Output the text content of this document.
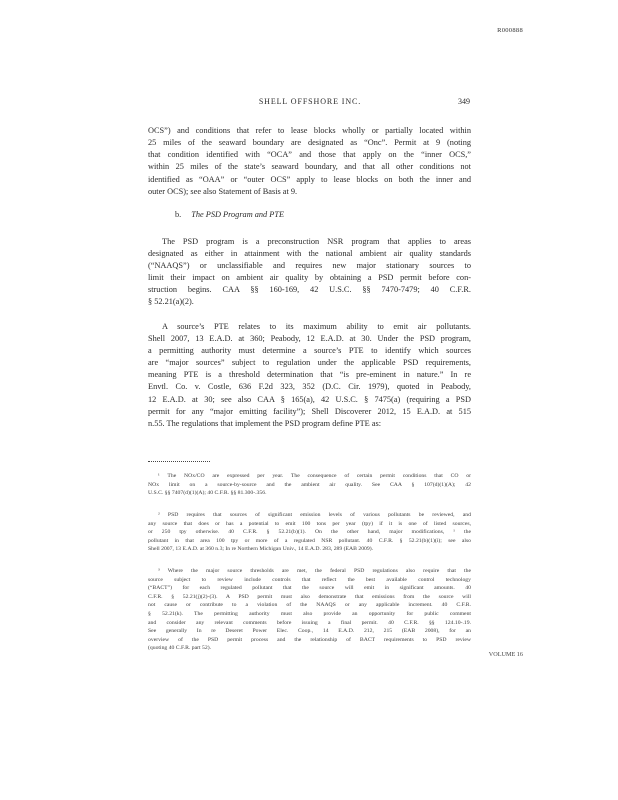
R000888
SHELL OFFSHORE INC.	349
OCS”) and conditions that refer to lease blocks wholly or partially located within
25 miles of the seaward boundary are designated as “Onc”. Permit at 9 (noting
that condition identified with “OCA” and those that apply on the “inner OCS,”
within 25 miles of the state’s seaward boundary, and that all other conditions not
identified as “OAA” or “outer OCS” apply to lease blocks on both the inner and
outer OCS); see also Statement of Basis at 9.
b. The PSD Program and PTE
The PSD program is a preconstruction NSR program that applies to areas
designated as either in attainment with the national ambient air quality standards
(“NAAQS”) or unclassifiable and requires new major stationary sources to
limit their impact on ambient air quality by obtaining a PSD permit before con-
struction begins. CAA §§ 160-169, 42 U.S.C. §§ 7470-7479; 40 C.F.R.
§ 52.21(a)(2).
A source’s PTE relates to its maximum ability to emit air pollutants.
Shell 2007, 13 E.A.D. at 360; Peabody, 12 E.A.D. at 30. Under the PSD program,
a permitting authority must determine a source’s PTE to identify which sources
are “major sources” subject to regulation under the applicable PSD requirements,
meaning PTE is a threshold determination that “is pre-eminent in nature.” In re
Envtl. Co. v. Costle, 636 F.2d 323, 352 (D.C. Cir. 1979), quoted in Peabody,
12 E.A.D. at 30; see also CAA § 165(a), 42 U.S.C. § 7475(a) (requiring a PSD
permit for any “major emitting facility”); Shell Discoverer 2012, 15 E.A.D. at 515
n.55. The regulations that implement the PSD program define PTE as:
¹ The NOx/CO are expressed per year. The consequence of certain permit conditions that CO or
NOx limit on a source-by-source and the ambient air quality. See CAA § 107(d)(1)(A); 42
U.S.C. §§ 7407(d)(1)(A); 40 C.F.R. §§ 81.300-.356.
² PSD requires that sources of significant emission levels of various pollutants be reviewed, and
any source that does or has a potential to emit 100 tons per year (tpy) if it is one of listed sources,
or 250 tpy otherwise. 40 C.F.R. § 52.21(b)(1). On the other hand, major modifications, ¹ the
pollutant in that area 100 tpy or more of a regulated NSR pollutant. 40 C.F.R. § 52.21(b)(1)(i); see also
Shell 2007, 13 E.A.D. at 360 n.3; In re Northern Michigan Univ., 14 E.A.D. 283, 289 (EAB 2009).
³ Where the major source thresholds are met, the federal PSD regulations also require that the
source subject to review include controls that reflect the best available control technology
(“BACT”) for each regulated pollutant that the source will emit in significant amounts. 40
C.F.R. § 52.21(j)(2)-(3). A PSD permit must also demonstrate that emissions from the source will
not cause or contribute to a violation of the NAAQS or any applicable increment. 40 C.F.R.
§ 52.21(k). The permitting authority must also provide an opportunity for public comment
and consider any relevant comments before issuing a final permit. 40 C.F.R. §§ 124.10-.19.
See generally In re Deseret Power Elec. Coop., 14 E.A.D. 212, 215 (EAB 2008), for an
overview of the PSD permit process and the relationship of BACT requirements to PSD review
(quoting 40 C.F.R. part 52).
VOLUME 16
